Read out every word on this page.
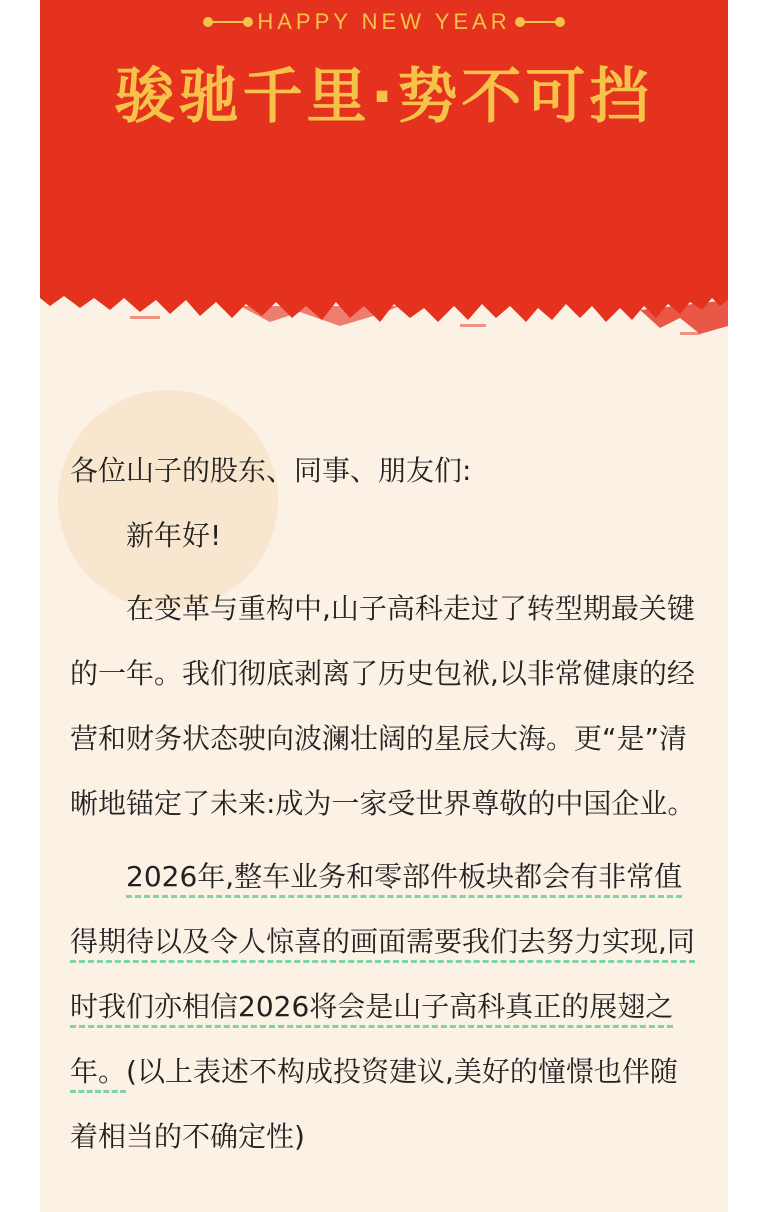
HAPPY NEW YEAR
骏驰千里·势不可挡

各位山子的股东、同事、朋友们:

新年好!

在变革与重构中,山子高科走过了转型期最关键的一年。我们彻底剥离了历史包袱,以非常健康的经营和财务状态驶向波澜壮阔的星辰大海。更“是”清晰地锚定了未来:成为一家受世界尊敬的中国企业。

2026年,整车业务和零部件板块都会有非常值得期待以及令人惊喜的画面需要我们去努力实现,同时我们亦相信2026将会是山子高科真正的展翅之年。(以上表述不构成投资建议,美好的憧憬也伴随着相当的不确定性)
